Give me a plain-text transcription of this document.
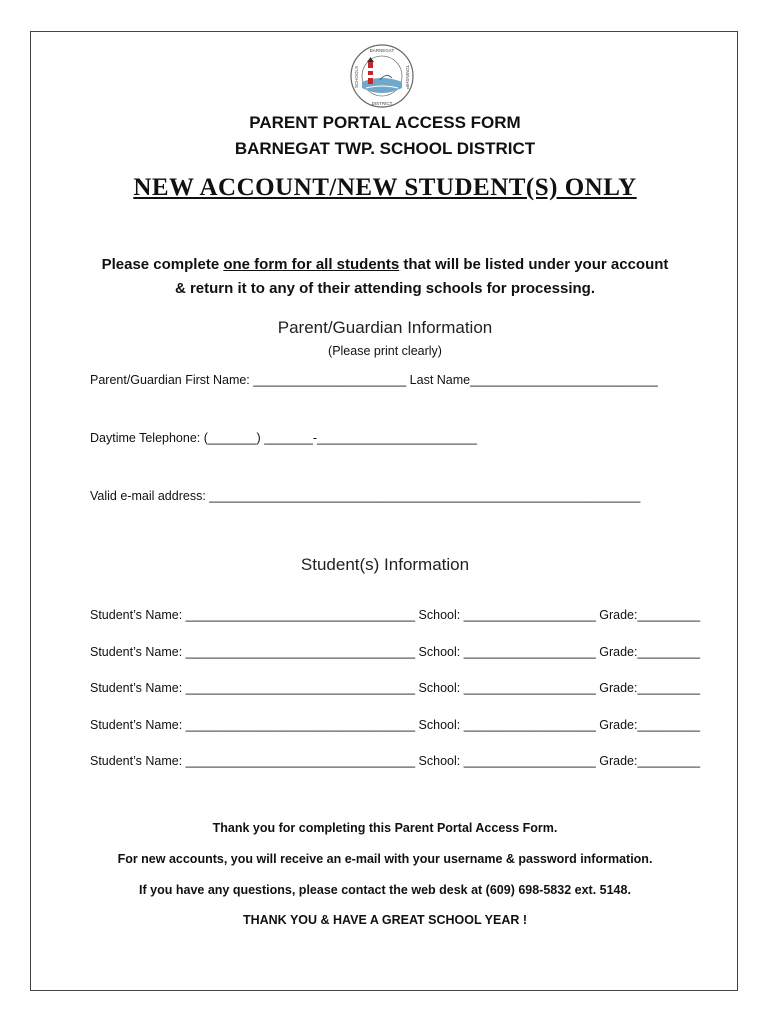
BARNEGAT
DISTRICT
TOWNSHIP
SCHOOLS
PARENT PORTAL ACCESS FORM
BARNEGAT TWP. SCHOOL DISTRICT
NEW ACCOUNT/NEW STUDENT(S) ONLY
Please complete one form for all students that will be listed under your account
& return it to any of their attending schools for processing.
Parent/Guardian Information
(Please print clearly)
Parent/Guardian First Name: ______________________ Last Name___________________________
Daytime Telephone: (_______) _______-_______________________
Valid e-mail address: ______________________________________________________________
Student(s) Information
Student’s Name: _________________________________ School: ___________________ Grade:_________
Student’s Name: _________________________________ School: ___________________ Grade:_________
Student’s Name: _________________________________ School: ___________________ Grade:_________
Student’s Name: _________________________________ School: ___________________ Grade:_________
Student’s Name: _________________________________ School: ___________________ Grade:_________
Thank you for completing this Parent Portal Access Form.
For new accounts, you will receive an e-mail with your username & password information.
If you have any questions, please contact the web desk at (609) 698-5832 ext. 5148.
THANK YOU & HAVE A GREAT SCHOOL YEAR !
